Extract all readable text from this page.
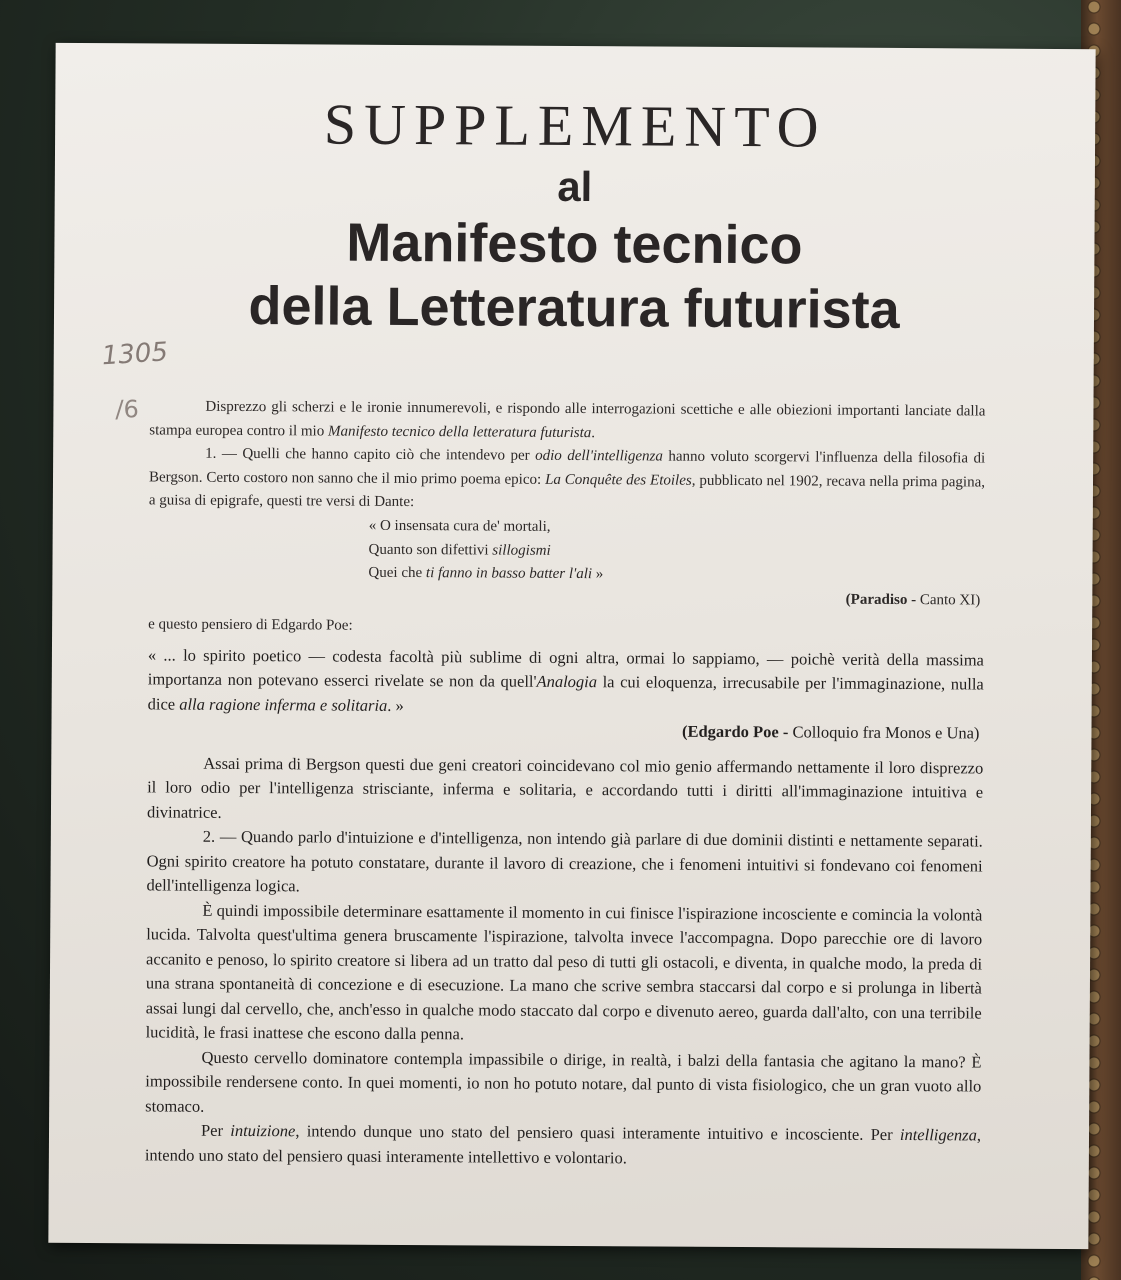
SUPPLEMENTO
al
Manifesto tecnico
della Letteratura futurista
1305
/6	Disprezzo gli scherzi e le ironie innumerevoli, e rispondo alle interrogazioni scettiche e alle obiezioni importanti lanciate dalla stampa europea contro il mio Manifesto tecnico della letteratura futurista.

1. — Quelli che hanno capito ciò che intendevo per odio dell'intelligenza hanno voluto scorgervi l'influenza della filosofia di Bergson. Certo costoro non sanno che il mio primo poema epico: La Conquête des Etoiles, pubblicato nel 1902, recava nella prima pagina, a guisa di epigrafe, questi tre versi di Dante:

« O insensata cura de' mortali,
Quanto son difettivi sillogismi
Quei che ti fanno in basso batter l'ali »
(Paradiso - Canto XI)

e questo pensiero di Edgardo Poe:

« ... lo spirito poetico — codesta facoltà più sublime di ogni altra, ormai lo sappiamo, — poichè verità della massima importanza non potevano esserci rivelate se non da quell'Analogia la cui eloquenza, irrecusabile per l'immaginazione, nulla dice alla ragione inferma e solitaria. »

(Edgardo Poe - Colloquio fra Monos e Una)

Assai prima di Bergson questi due geni creatori coincidevano col mio genio affermando nettamente il loro disprezzo il loro odio per l'intelligenza strisciante, inferma e solitaria, e accordando tutti i diritti all'immaginazione intuitiva e divinatrice.

2. — Quando parlo d'intuizione e d'intelligenza, non intendo già parlare di due dominii distinti e nettamente separati. Ogni spirito creatore ha potuto constatare, durante il lavoro di creazione, che i fenomeni intuitivi si fondevano coi fenomeni dell'intelligenza logica.

È quindi impossibile determinare esattamente il momento in cui finisce l'ispirazione incosciente e comincia la volontà lucida. Talvolta quest'ultima genera bruscamente l'ispirazione, talvolta invece l'accompagna. Dopo parecchie ore di lavoro accanito e penoso, lo spirito creatore si libera ad un tratto dal peso di tutti gli ostacoli, e diventa, in qualche modo, la preda di una strana spontaneità di concezione e di esecuzione. La mano che scrive sembra staccarsi dal corpo e si prolunga in libertà assai lungi dal cervello, che, anch'esso in qualche modo staccato dal corpo e divenuto aereo, guarda dall'alto, con una terribile lucidità, le frasi inattese che escono dalla penna.

Questo cervello dominatore contempla impassibile o dirige, in realtà, i balzi della fantasia che agitano la mano? È impossibile rendersene conto. In quei momenti, io non ho potuto notare, dal punto di vista fisiologico, che un gran vuoto allo stomaco.

Per intuizione, intendo dunque uno stato del pensiero quasi interamente intuitivo e incosciente. Per intelligenza, intendo uno stato del pensiero quasi interamente intellettivo e volontario.
